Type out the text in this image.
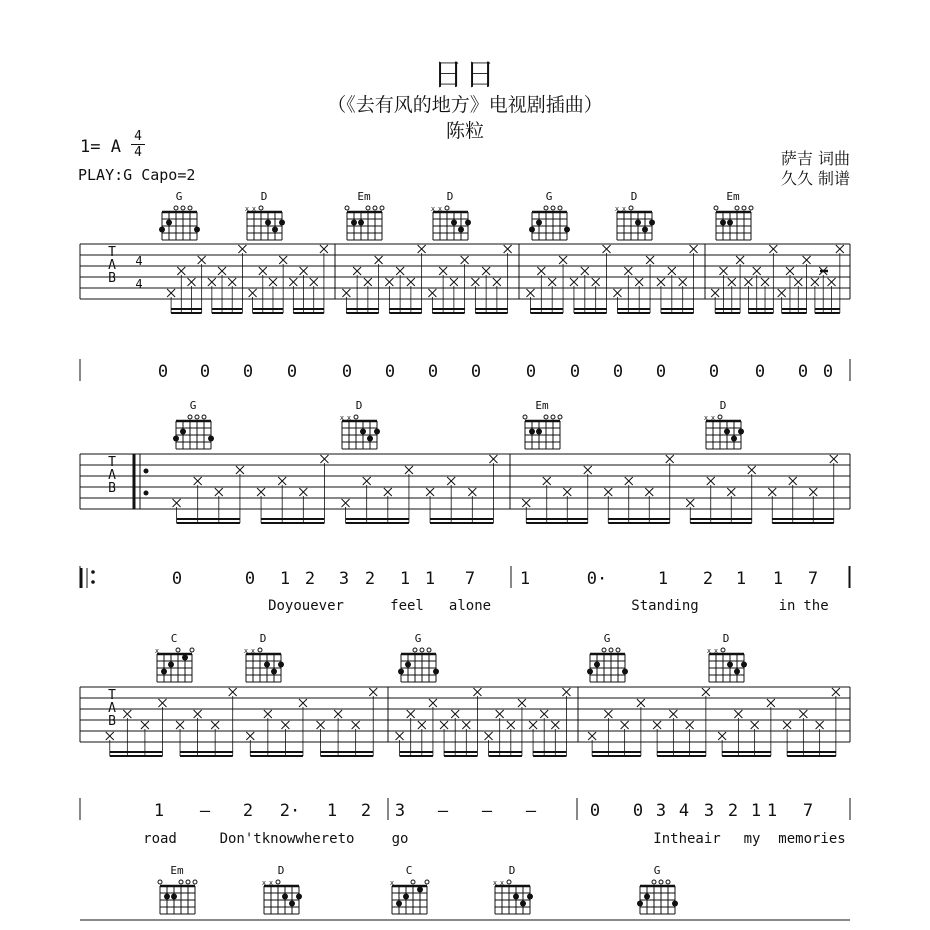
日日
（《去有风的地方》电视剧插曲）
陈粒
1= A
4
4
PLAY:G Capo=2
萨吉 词曲
久久 制谱
T
A
B
4
4
0 0 0 0	0 0 0 0	0 0 0 0	0 0 0 0
G	D
x x
Em	D
x x
G	D
x x
Em
T
A
B
0	0 1 2 3 2 1 1 7	1	0·	1 2 1 1 7
G	D
x x
Em	D
x x
T
A
B
1 – 2 2· 1 2 3 – – –	0 0 3 4 3 2 1 1 7
C
x
D
x x
G	G	D
x x
Em	D
x x
C
x
D
x x
G
Doyouever	feel alone	Standing	in the
road	Don'tknowwhereto	go	Intheair my memories
